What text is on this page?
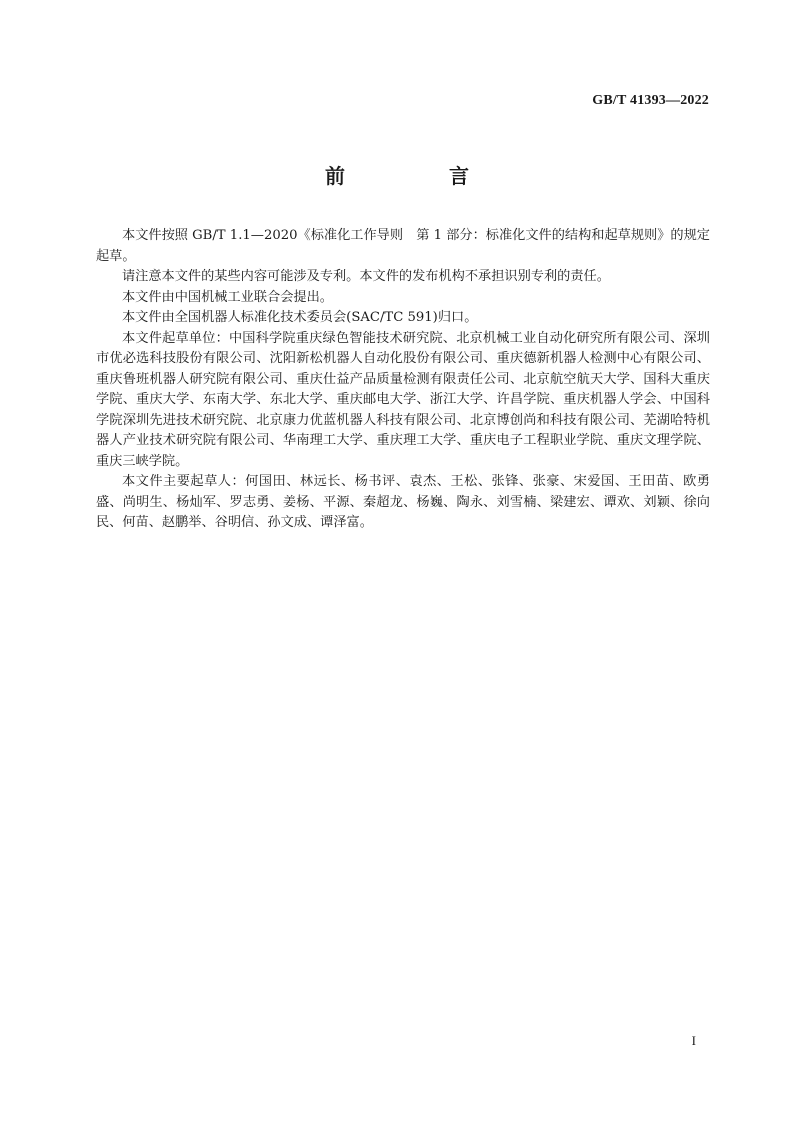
GB/T 41393—2022
前　言

本文件按照 GB/T 1.1—2020《标准化工作导则　第 1 部分：标准化文件的结构和起草规则》的规定起草。

请注意本文件的某些内容可能涉及专利。本文件的发布机构不承担识别专利的责任。

本文件由中国机械工业联合会提出。

本文件由全国机器人标准化技术委员会(SAC/TC 591)归口。

本文件起草单位：中国科学院重庆绿色智能技术研究院、北京机械工业自动化研究所有限公司、深圳市优必选科技股份有限公司、沈阳新松机器人自动化股份有限公司、重庆德新机器人检测中心有限公司、重庆鲁班机器人研究院有限公司、重庆仕益产品质量检测有限责任公司、北京航空航天大学、国科大重庆学院、重庆大学、东南大学、东北大学、重庆邮电大学、浙江大学、许昌学院、重庆机器人学会、中国科学院深圳先进技术研究院、北京康力优蓝机器人科技有限公司、北京博创尚和科技有限公司、芜湖哈特机器人产业技术研究院有限公司、华南理工大学、重庆理工大学、重庆电子工程职业学院、重庆文理学院、重庆三峡学院。

本文件主要起草人：何国田、林远长、杨书评、袁杰、王松、张锋、张豪、宋爱国、王田苗、欧勇盛、尚明生、杨灿军、罗志勇、姜杨、平源、秦超龙、杨巍、陶永、刘雪楠、梁建宏、谭欢、刘颖、徐向民、何苗、赵鹏举、谷明信、孙文成、谭泽富。

I
